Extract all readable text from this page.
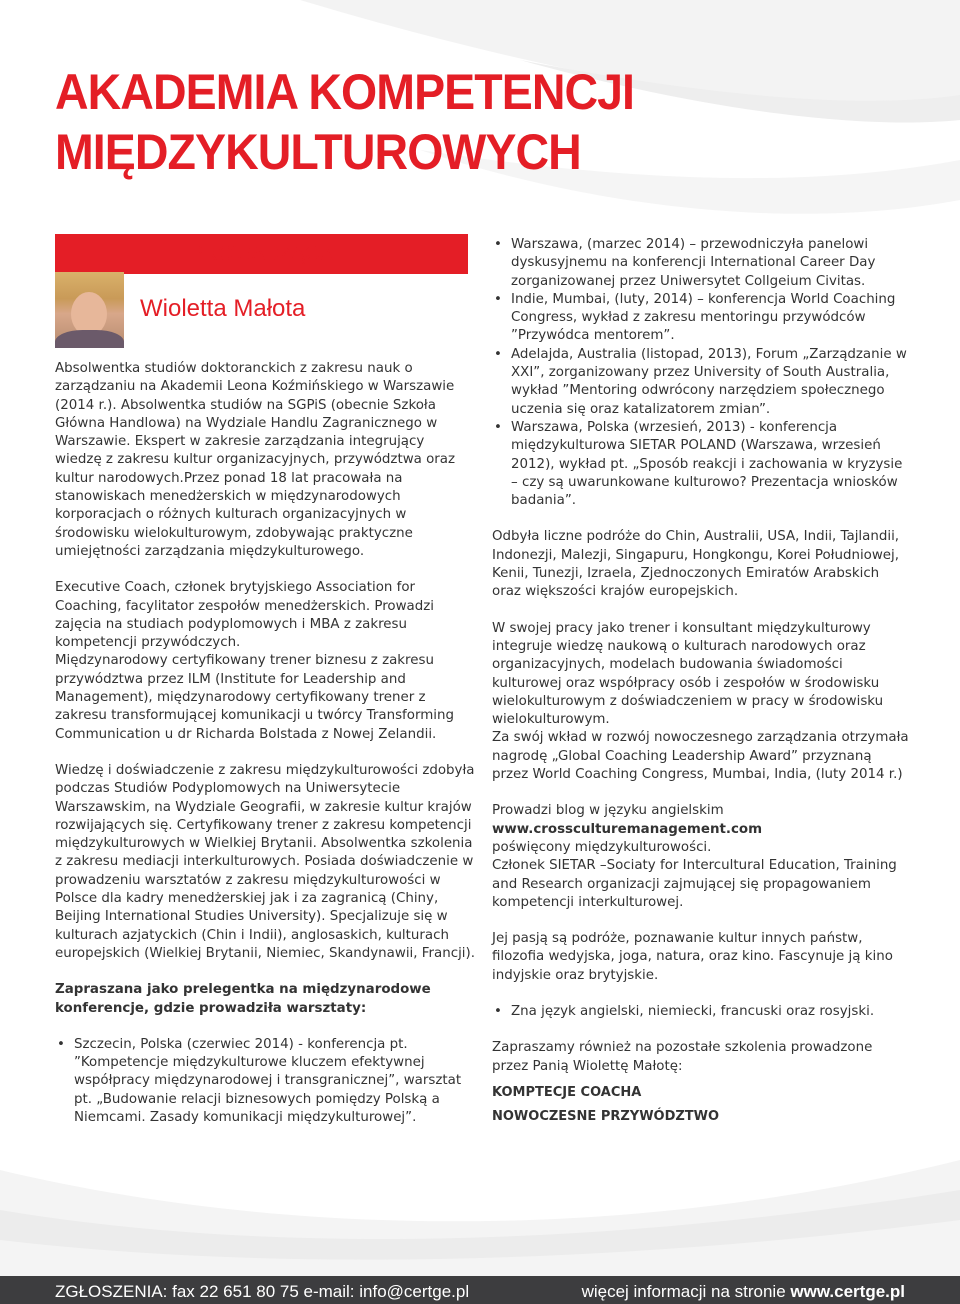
AKADEMIA KOMPETENCJI
MIĘDZYKULTUROWYCH
PROWADZĄCA
Wioletta Małota

Absolwentka studiów doktoranckich z zakresu nauk o zarządzaniu na Akademii Leona Koźmińskiego w Warszawie (2014 r.). Absolwentka studiów na SGPiS (obecnie Szkoła Główna Handlowa) na Wydziale Handlu Zagranicznego w Warszawie. Ekspert w zakresie zarządzania integrujący wiedzę z zakresu kultur organizacyjnych, przywództwa oraz kultur narodowych.Przez ponad 18 lat pracowała na stanowiskach menedżerskich w międzynarodowych korporacjach o różnych kulturach organizacyjnych w środowisku wielokulturowym, zdobywając praktyczne umiejętności zarządzania międzykulturowego.

Executive Coach, członek brytyjskiego Association for Coaching, facylitator zespołów menedżerskich. Prowadzi zajęcia na studiach podyplomowych i MBA z zakresu kompetencji przywódczych.

Międzynarodowy certyfikowany trener biznesu z zakresu przywództwa przez ILM (Institute for Leadership and Management), międzynarodowy certyfikowany trener z zakresu transformującej komunikacji u twórcy Transforming Communication u dr Richarda Bolstada z Nowej Zelandii.

Wiedzę i doświadczenie z zakresu międzykulturowości zdobyła podczas Studiów Podyplomowych na Uniwersytecie Warszawskim, na Wydziale Geografii, w zakresie kultur krajów rozwijających się. Certyfikowany trener z zakresu kompetencji międzykulturowych w Wielkiej Brytanii. Absolwentka szkolenia z zakresu mediacji interkulturowych. Posiada doświadczenie w prowadzeniu warsztatów z zakresu międzykulturowości w Polsce dla kadry menedżerskiej jak i za zagranicą (Chiny, Beijing International Studies University). Specjalizuje się w kulturach azjatyckich (Chin i Indii), anglosaskich, kulturach europejskich (Wielkiej Brytanii, Niemiec, Skandynawii, Francji).

Zapraszana jako prelegentka na międzynarodowe konferencje, gdzie prowadziła warsztaty:

• Szczecin, Polska (czerwiec 2014) - konferencja pt. ”Kompetencje międzykulturowe kluczem efektywnej współpracy międzynarodowej i transgranicznej”, warsztat pt. „Budowanie relacji biznesowych pomiędzy Polską a Niemcami. Zasady komunikacji międzykulturowej”.
• Warszawa, (marzec 2014) – przewodniczyła panelowi dyskusyjnemu na konferencji International Career Day zorganizowanej przez Uniwersytet Collgeium Civitas.
• Indie, Mumbai, (luty, 2014) – konferencja World Coaching Congress, wykład z zakresu mentoringu przywódców ”Przywódca mentorem”.
• Adelajda, Australia (listopad, 2013), Forum „Zarządzanie w XXI”, zorganizowany przez University of South Australia, wykład ”Mentoring odwrócony narzędziem społecznego uczenia się oraz katalizatorem zmian”.
• Warszawa, Polska (wrzesień, 2013) - konferencja międzykulturowa SIETAR POLAND (Warszawa, wrzesień 2012), wykład pt. „Sposób reakcji i zachowania w kryzysie – czy są uwarunkowane kulturowo? Prezentacja wniosków badania”.

Odbyła liczne podróże do Chin, Australii, USA, Indii, Tajlandii, Indonezji, Malezji, Singapuru, Hongkongu, Korei Południowej, Kenii, Tunezji, Izraela, Zjednoczonych Emiratów Arabskich oraz większości krajów europejskich.

W swojej pracy jako trener i konsultant międzykulturowy integruje wiedzę naukową o kulturach narodowych oraz organizacyjnych, modelach budowania świadomości kulturowej oraz współpracy osób i zespołów w środowisku wielokulturowym z doświadczeniem w pracy w środowisku wielokulturowym.

Za swój wkład w rozwój nowoczesnego zarządzania otrzymała nagrodę „Global Coaching Leadership Award” przyznaną przez World Coaching Congress, Mumbai, India, (luty 2014 r.)

Prowadzi blog w języku angielskim

www.crossculturemanagement.com

poświęcony międzykulturowości.

Członek SIETAR –Sociaty for Intercultural Education, Training and Research organizacji zajmującej się propagowaniem kompetencji interkulturowej.

Jej pasją są podróże, poznawanie kultur innych państw, filozofia wedyjska, joga, natura, oraz kino. Fascynuje ją kino indyjskie oraz brytyjskie.

• Zna język angielski, niemiecki, francuski oraz rosyjski.

Zapraszamy również na pozostałe szkolenia prowadzone przez Panią Wiolettę Małotę:

KOMPTECJE COACHA

NOWOCZESNE PRZYWÓDZTWO

ZGŁOSZENIA: fax 22 651 80 75 e-mail: info@certge.pl	więcej informacji na stronie www.certge.pl
